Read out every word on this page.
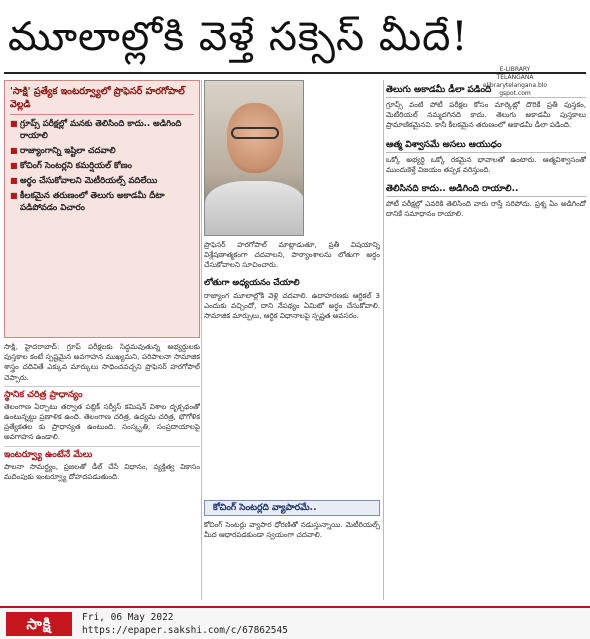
మూలాల్లోకి వెళ్తే సక్సెస్ మీదే!
E-LIBRARY
TELANGANA
elibrarytelangana.blo
gspot.com
'సాక్షి' ప్రత్యేక ఇంటర్వ్యూలో ప్రొఫెసర్ హరగోపాల్ వెల్లడి
■ గ్రూప్స్ పరీక్షల్లో మనకు తెలిసింది కాదు.. అడిగింది రాయాలి
■ రాజ్యాంగాన్ని ఇష్టిలా చదవాలి
■ కోచింగ్ సెంటర్లని కమర్షియల్ కోణం
■ అర్థం చేసుకోవాలని మెటీరియల్స్ వదిలేయి
■ కీలకమైన తరుణంలో తెలుగు అకాడమీ దీటా పడిపోవడం విచారం

సాక్షి, హైదరాబాద్: గ్రూప్ పరీక్షలకు సిద్ధమవుతున్న అభ్యర్థులకు పుస్తకాల కంటే స్పష్టమైన అవగాహన ముఖ్యమని, పరిపాలనా సామాజిక శాస్త్రం చదివితే ఎక్కువ మార్కులు సాధించవచ్చని ప్రొఫెసర్ హరగోపాల్ చెప్పారు.

స్థానిక చరిత్ర ప్రాధాన్యం

తెలంగాణ ఏర్పాటు తర్వాత పబ్లిక్ సర్వీస్ కమిషన్ విశాల దృక్పథంతో ఉంటున్నట్టు ప్రణాళిక ఉంది. తెలంగాణ చరిత్ర, ఉద్యమ చరిత్ర, భౌగోళిక ప్రత్యేకతల కు ప్రాధాన్యత ఉంటుంది. సంస్కృతి, సంప్రదాయాలపై అవగాహన ఉండాలి.

ఇంటర్వ్యూ ఉంటేనే మేలు

పాలనా సామర్థ్యం, ప్రజలతో డీల్ చేసే విధానం, వ్యక్తిత్వ వికాసం మదింపుకు ఇంటర్వ్యూ దోహదపడుతుంది.

ప్రొఫెసర్ హరగోపాల్ మాట్లాడుతూ, ప్రతీ విషయాన్ని విశ్లేషణాత్మకంగా చదవాలని, పాఠ్యాంశాలను లోతుగా అర్థం చేసుకోవాలని సూచించారు.

లోతుగా అధ్యయనం చేయాలి

రాజ్యాంగ మూలాల్లోకి వెళ్లి చదవాలి. ఉదాహరణకు ఆర్టికల్ 3 ఎందుకు వచ్చిందో, దాని నేపథ్యం ఏమిటో అర్థం చేసుకోవాలి. సామాజిక మార్పులు, ఆర్థిక విధానాలపై స్పష్టత అవసరం.

కోచింగ్ సెంటర్లది వ్యాపారమే..

కోచింగ్ సెంటర్లు వ్యాపార ధోరణితో నడుస్తున్నాయి. మెటీరియల్స్ మీద ఆధారపడకుండా స్వయంగా చదవాలి.

తెలుగు అకాడమీ డీలా పడింది

గ్రూప్స్ వంటి పోటీ పరీక్షల కోసం మార్కెట్లో దొరికే ప్రతీ పుస్తకం, మెటీరియల్ నమ్మదగినది కాదు. తెలుగు అకాడమీ పుస్తకాలు ప్రామాణికమైనవి. కానీ కీలకమైన తరుణంలో అకాడమీ డీలా పడింది.

ఆత్మ విశ్వాసమే అసలు ఆయుధం

ఒక్కో అభ్యర్థి ఒక్కో రకమైన భావాలతో ఉంటారు. ఆత్మవిశ్వాసంతో ముందుకెళ్తే విజయం తప్పక వరిస్తుంది.

తెలిసినది కాదు.. అడిగింది రాయాలి..

పోటీ పరీక్షల్లో ఎవరికి తెలిసింది వారు రాస్తే సరిపోదు. ప్రశ్న ఏం అడిగిందో దానికే సమాధానం రాయాలి.

సాక్షి	Fri, 06 May 2022
https://epaper.sakshi.com/c/67862545
